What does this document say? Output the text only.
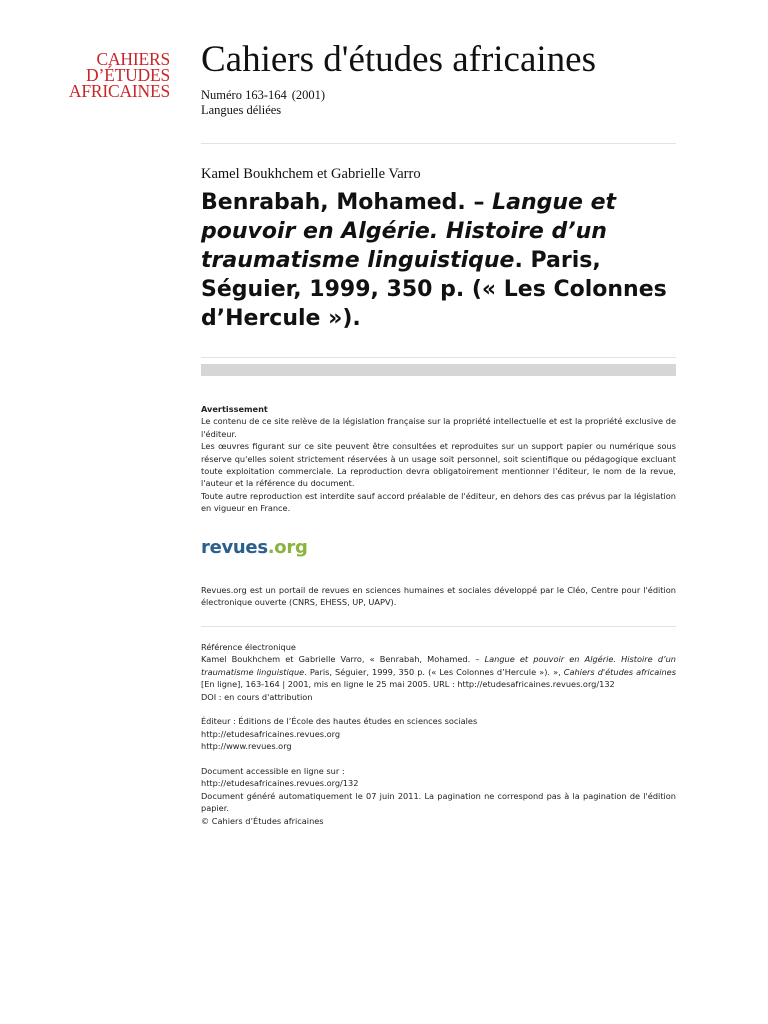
CAHIERS
D’ÉTUDES
AFRICAINES
Cahiers d'études africaines
Numéro 163-164 (2001)
Langues déliées
Kamel Boukhchem et Gabrielle Varro
Benrabah, Mohamed. – Langue et pouvoir en Algérie. Histoire d’un traumatisme linguistique. Paris, Séguier, 1999, 350 p. (« Les Colonnes d’Hercule »).

Avertissement

Le contenu de ce site relève de la législation française sur la propriété intellectuelle et est la propriété exclusive de l'éditeur.

Les œuvres figurant sur ce site peuvent être consultées et reproduites sur un support papier ou numérique sous réserve qu'elles soient strictement réservées à un usage soit personnel, soit scientifique ou pédagogique excluant toute exploitation commerciale. La reproduction devra obligatoirement mentionner l'éditeur, le nom de la revue, l'auteur et la référence du document.

Toute autre reproduction est interdite sauf accord préalable de l'éditeur, en dehors des cas prévus par la législation en vigueur en France.

revues.org
Revues.org est un portail de revues en sciences humaines et sociales développé par le Cléo, Centre pour l'édition électronique ouverte (CNRS, EHESS, UP, UAPV).

Référence électronique

Kamel Boukhchem et Gabrielle Varro, « Benrabah, Mohamed. – Langue et pouvoir en Algérie. Histoire d’un traumatisme linguistique. Paris, Séguier, 1999, 350 p. (« Les Colonnes d’Hercule »). », Cahiers d'études africaines [En ligne], 163-164 | 2001, mis en ligne le 25 mai 2005. URL : http://etudesafricaines.revues.org/132

DOI : en cours d'attribution

Éditeur : Éditions de l’École des hautes études en sciences sociales

http://etudesafricaines.revues.org

http://www.revues.org

Document accessible en ligne sur :

http://etudesafricaines.revues.org/132

Document généré automatiquement le 07 juin 2011. La pagination ne correspond pas à la pagination de l'édition papier.

© Cahiers d’Études africaines
